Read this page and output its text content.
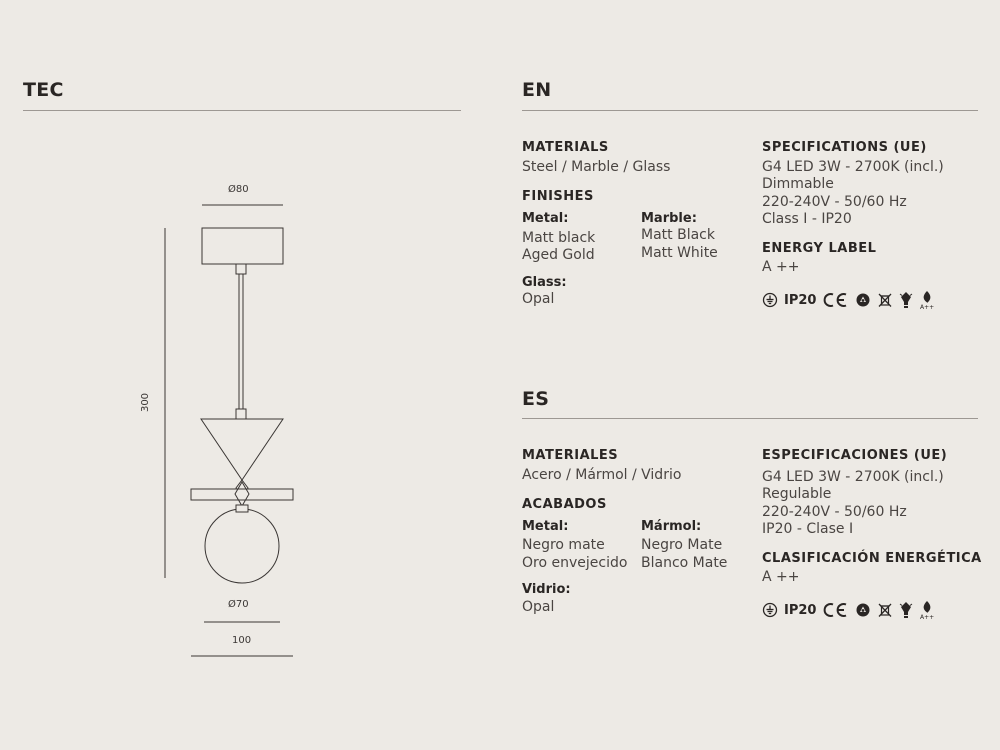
TEC
Ø80
300
Ø70
100
EN
MATERIALS
Steel / Marble / Glass
FINISHES
Metal:
Matt black
Aged Gold
Marble:
Matt Black
Matt White
Glass:
Opal
SPECIFICATIONS (UE)
G4 LED 3W - 2700K (incl.)
Dimmable
220-240V - 50/60 Hz
Class I - IP20
ENERGY LABEL
A ++
IP20	A++
ES
MATERIALES
Acero / Mármol / Vidrio
ACABADOS
Metal:
Negro mate
Oro envejecido
Mármol:
Negro Mate
Blanco Mate
Vidrio:
Opal
ESPECIFICACIONES (UE)
G4 LED 3W - 2700K (incl.)
Regulable
220-240V - 50/60 Hz
IP20 - Clase I
CLASIFICACIÓN ENERGÉTICA
A ++
IP20	A++
